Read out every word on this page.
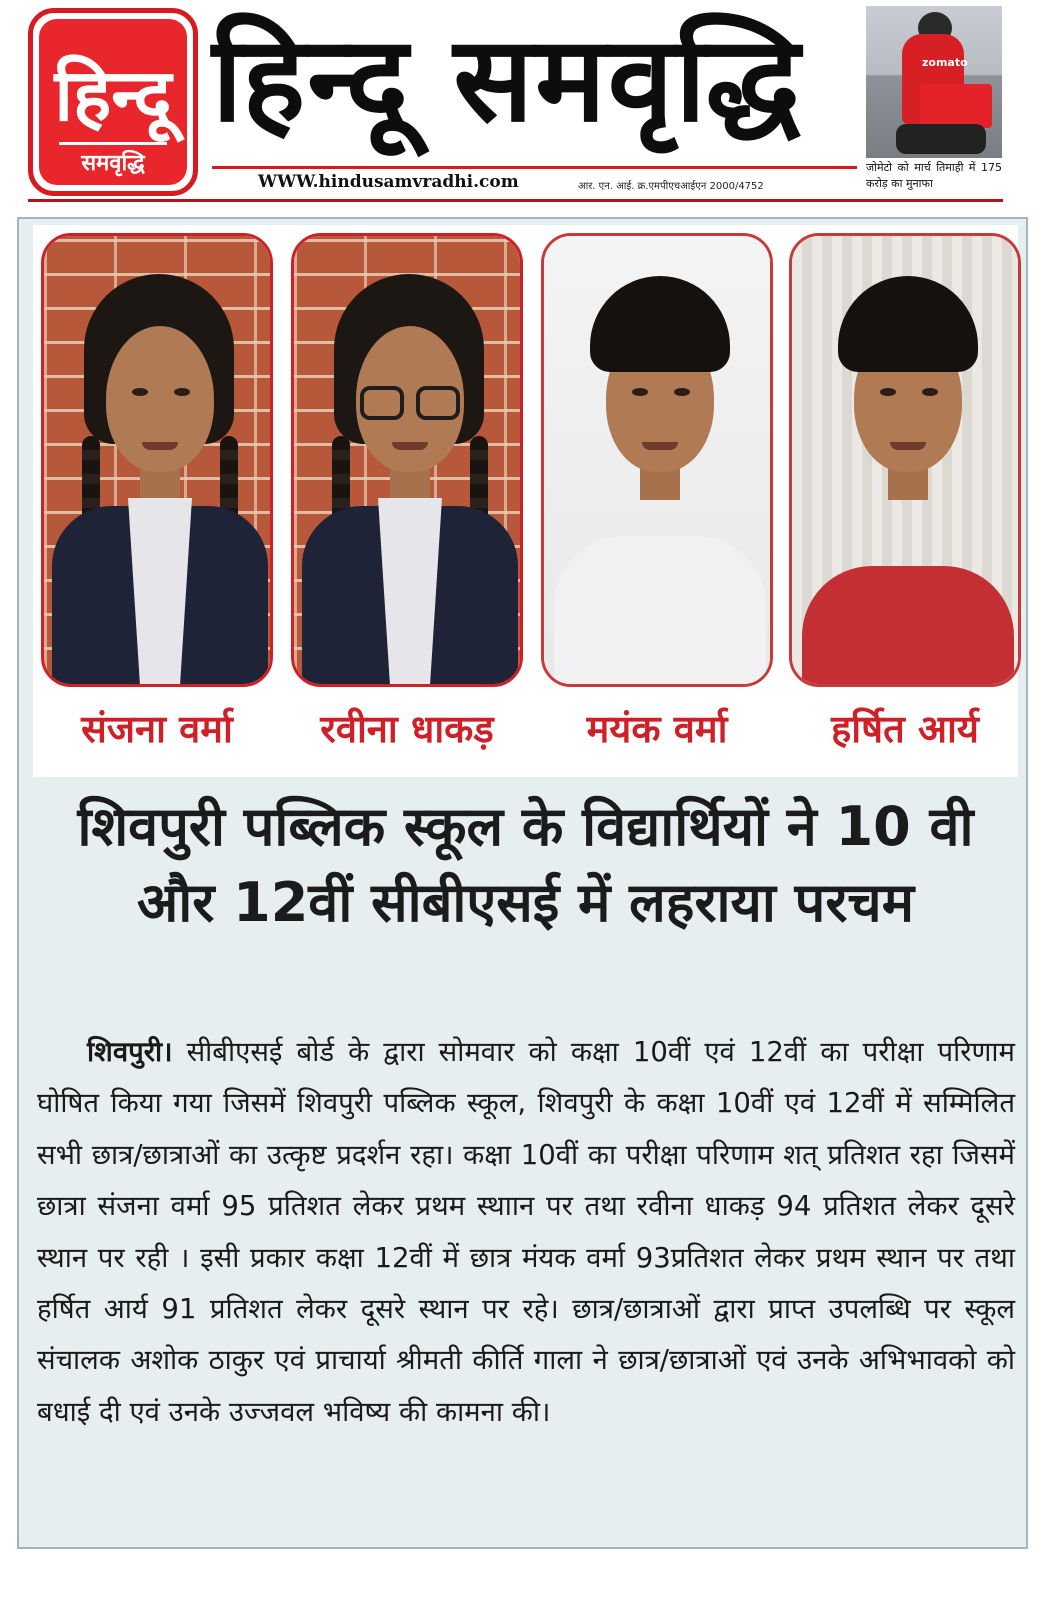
हिन्दू
समवृद्धि
हिन्दू समवृद्धि
WWW.hindusamvradhi.com	आर. एन. आई. क्र.एमपीएचआईएन 2000/4752
zomato
जोमेटो को मार्च तिमाही में 175 करोड़ का मुनाफा
संजना वर्मा	रवीना धाकड़	मयंक वर्मा	हर्षित आर्य
शिवपुरी पब्लिक स्कूल के विद्यार्थियों ने 10 वी और 12वीं सीबीएसई में लहराया परचम

शिवपुरी। सीबीएसई बोर्ड के द्वारा सोमवार को कक्षा 10वीं एवं 12वीं का परीक्षा परिणाम घोषित किया गया जिसमें शिवपुरी पब्लिक स्कूल, शिवपुरी के कक्षा 10वीं एवं 12वीं में सम्मिलित सभी छात्र/छात्राओं का उत्कृष्ट प्रदर्शन रहा। कक्षा 10वीं का परीक्षा परिणाम शत् प्रतिशत रहा जिसमें छात्रा संजना वर्मा 95 प्रतिशत लेकर प्रथम स्थाान पर तथा रवीना धाकड़ 94 प्रतिशत लेकर दूसरे स्थान पर रही । इसी प्रकार कक्षा 12वीं में छात्र मंयक वर्मा 93प्रतिशत लेकर प्रथम स्थान पर तथा हर्षित आर्य 91 प्रतिशत लेकर दूसरे स्थान पर रहे। छात्र/छात्राओं द्वारा प्राप्त उपलब्धि पर स्कूल संचालक अशोक ठाकुर एवं प्राचार्या श्रीमती कीर्ति गाला ने छात्र/छात्राओं एवं उनके अभिभावको को बधाई दी एवं उनके उज्जवल भविष्य की कामना की।
